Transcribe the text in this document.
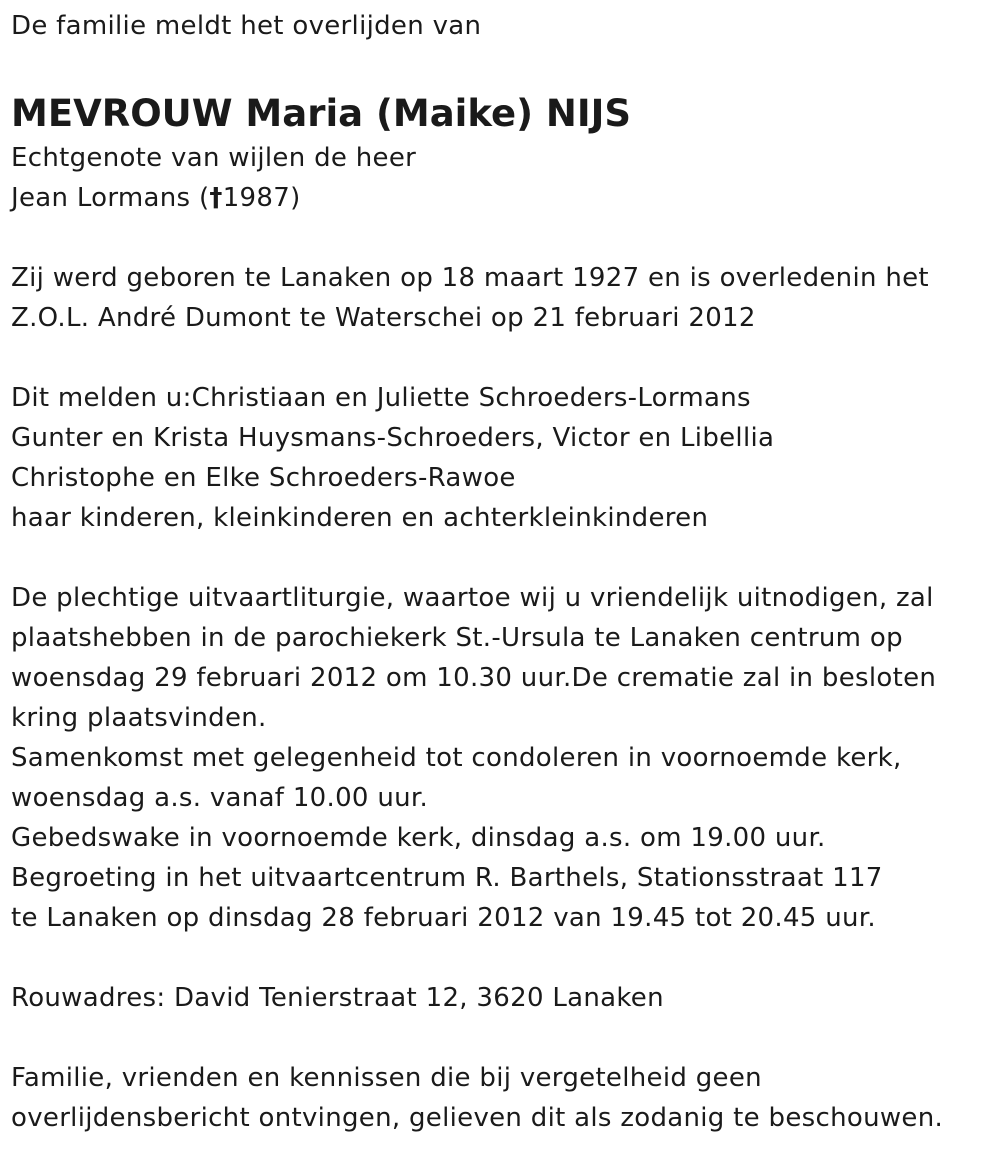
De familie meldt het overlijden van
MEVROUW Maria (Maike) NIJS
Echtgenote van wijlen de heer
Jean Lormans (†1987)
Zij werd geboren te Lanaken op 18 maart 1927 en is overledenin het
Z.O.L. André Dumont te Waterschei op 21 februari 2012
Dit melden u:Christiaan en Juliette Schroeders-Lormans
Gunter en Krista Huysmans-Schroeders, Victor en Libellia
Christophe en Elke Schroeders-Rawoe
haar kinderen, kleinkinderen en achterkleinkinderen
De plechtige uitvaartliturgie, waartoe wij u vriendelijk uitnodigen, zal
plaatshebben in de parochiekerk St.-Ursula te Lanaken centrum op
woensdag 29 februari 2012 om 10.30 uur.De crematie zal in besloten
kring plaatsvinden.
Samenkomst met gelegenheid tot condoleren in voornoemde kerk,
woensdag a.s. vanaf 10.00 uur.
Gebedswake in voornoemde kerk, dinsdag a.s. om 19.00 uur.
Begroeting in het uitvaartcentrum R. Barthels, Stationsstraat 117
te Lanaken op dinsdag 28 februari 2012 van 19.45 tot 20.45 uur.
Rouwadres: David Tenierstraat 12, 3620 Lanaken
Familie, vrienden en kennissen die bij vergetelheid geen
overlijdensbericht ontvingen, gelieven dit als zodanig te beschouwen.
